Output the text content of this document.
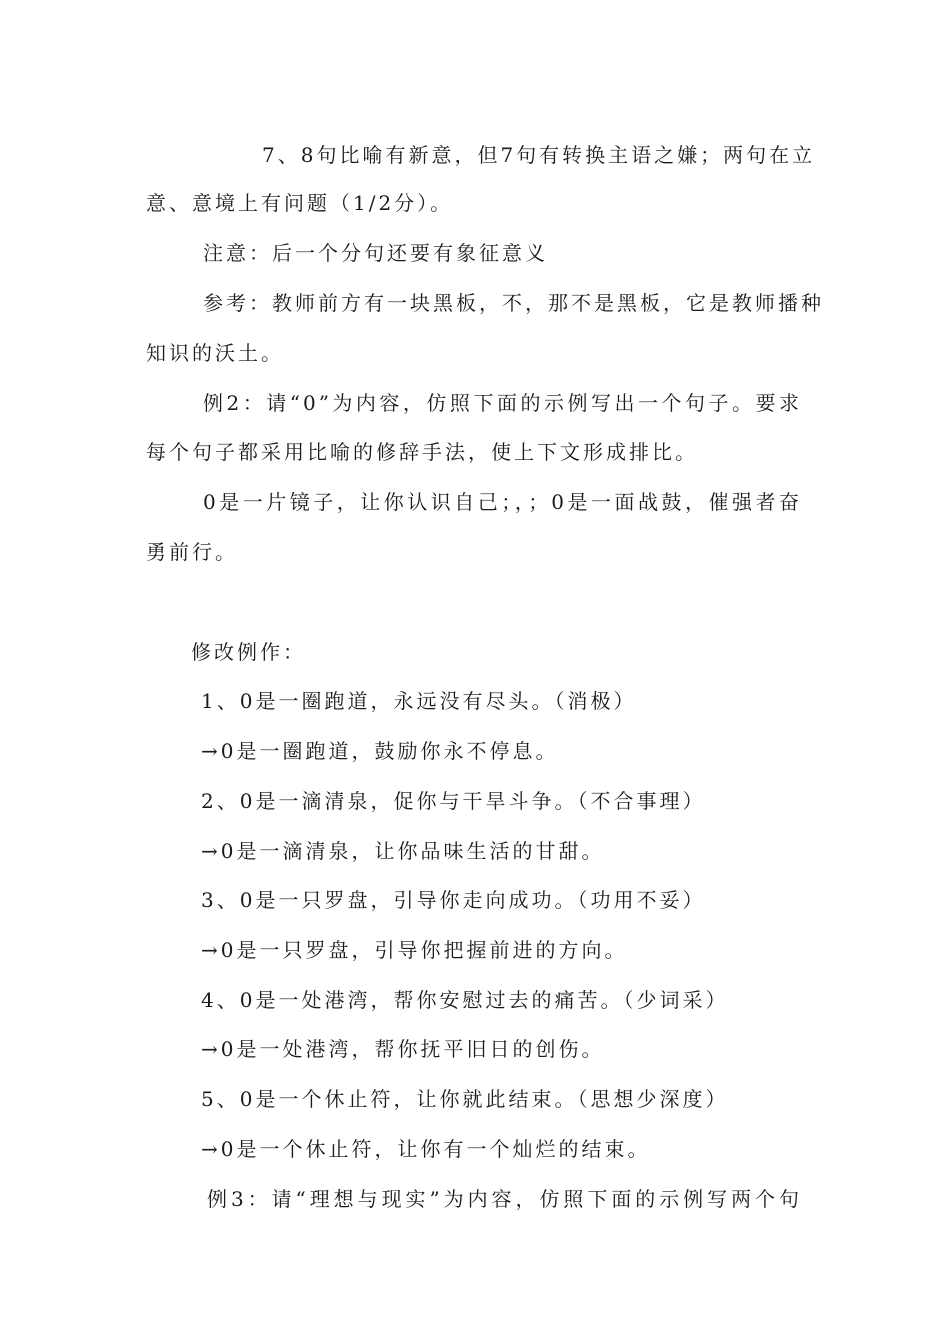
7、8句比喻有新意，但7句有转换主语之嫌；两句在立
意、意境上有问题（1/2分）。
注意：后一个分句还要有象征意义
参考：教师前方有一块黑板，不，那不是黑板，它是教师播种
知识的沃土。
例2：请“0”为内容，仿照下面的示例写出一个句子。要求
每个句子都采用比喻的修辞手法，使上下文形成排比。
0是一片镜子，让你认识自己；，；0是一面战鼓，催强者奋
勇前行。
修改例作：
1、0是一圈跑道，永远没有尽头。（消极）
→0是一圈跑道，鼓励你永不停息。
2、0是一滴清泉，促你与干旱斗争。（不合事理）
→0是一滴清泉，让你品味生活的甘甜。
3、0是一只罗盘，引导你走向成功。（功用不妥）
→0是一只罗盘，引导你把握前进的方向。
4、0是一处港湾，帮你安慰过去的痛苦。（少词采）
→0是一处港湾，帮你抚平旧日的创伤。
5、0是一个休止符，让你就此结束。（思想少深度）
→0是一个休止符，让你有一个灿烂的结束。
例3：请“理想与现实”为内容，仿照下面的示例写两个句
